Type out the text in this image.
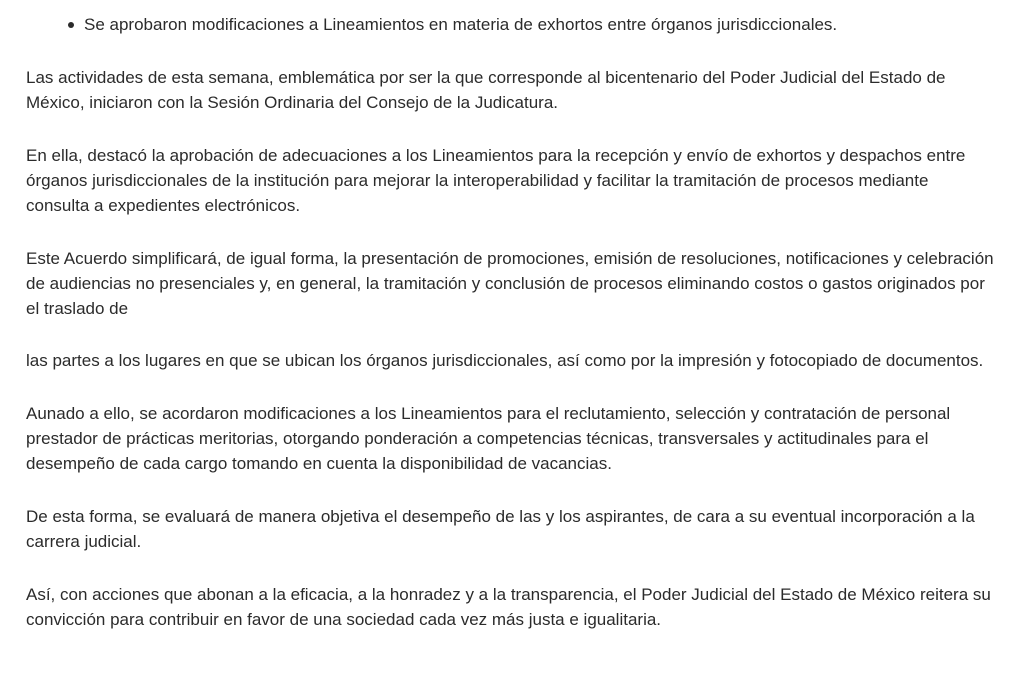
Se aprobaron modificaciones a Lineamientos en materia de exhortos entre órganos jurisdiccionales.

Las actividades de esta semana, emblemática por ser la que corresponde al bicentenario del Poder Judicial del Estado de México, iniciaron con la Sesión Ordinaria del Consejo de la Judicatura.

En ella, destacó la aprobación de adecuaciones a los Lineamientos para la recepción y envío de exhortos y despachos entre órganos jurisdiccionales de la institución para mejorar la interoperabilidad y facilitar la tramitación de procesos mediante consulta a expedientes electrónicos.

Este Acuerdo simplificará, de igual forma, la presentación de promociones, emisión de resoluciones, notificaciones y celebración de audiencias no presenciales y, en general, la tramitación y conclusión de procesos eliminando costos o gastos originados por el traslado de

las partes a los lugares en que se ubican los órganos jurisdiccionales, así como por la impresión y fotocopiado de documentos.

Aunado a ello, se acordaron modificaciones a los Lineamientos para el reclutamiento, selección y contratación de personal prestador de prácticas meritorias, otorgando ponderación a competencias técnicas, transversales y actitudinales para el desempeño de cada cargo tomando en cuenta la disponibilidad de vacancias.

De esta forma, se evaluará de manera objetiva el desempeño de las y los aspirantes, de cara a su eventual incorporación a la carrera judicial.

Así, con acciones que abonan a la eficacia, a la honradez y a la transparencia, el Poder Judicial del Estado de México reitera su convicción para contribuir en favor de una sociedad cada vez más justa e igualitaria.
